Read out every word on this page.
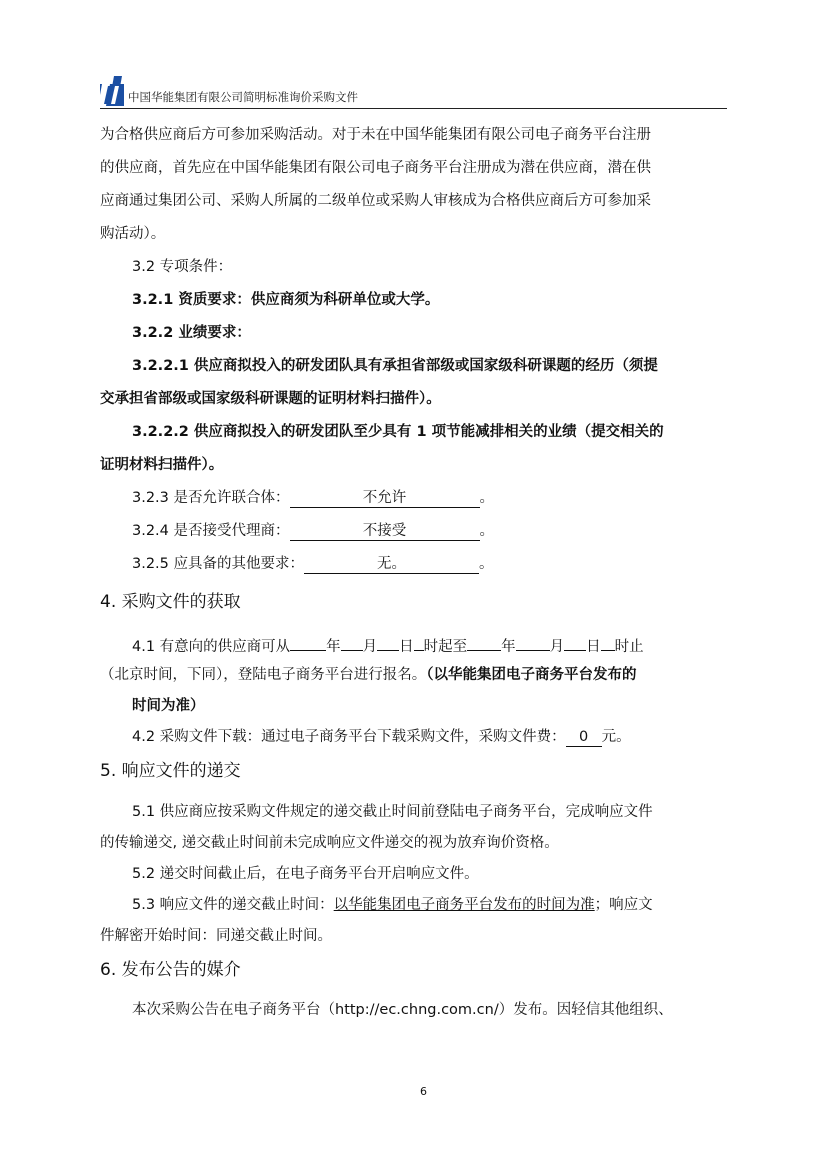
中国华能集团有限公司简明标准询价采购文件
为合格供应商后方可参加采购活动。对于未在中国华能集团有限公司电子商务平台注册
的供应商，首先应在中国华能集团有限公司电子商务平台注册成为潜在供应商，潜在供
应商通过集团公司、采购人所属的二级单位或采购人审核成为合格供应商后方可参加采
购活动）。
3.2 专项条件：
3.2.1 资质要求：供应商须为科研单位或大学。
3.2.2 业绩要求：
3.2.2.1 供应商拟投入的研发团队具有承担省部级或国家级科研课题的经历（须提
交承担省部级或国家级科研课题的证明材料扫描件）。
3.2.2.2 供应商拟投入的研发团队至少具有 1 项节能减排相关的业绩（提交相关的
证明材料扫描件）。
3.2.3 是否允许联合体：	不允许	。
3.2.4 是否接受代理商：	不接受	。
3.2.5 应具备的其他要求：	无。	。
4. 采购文件的获取
4.1 有意向的供应商可从 年 月 日 时起至 年 月 日 时止
（北京时间，下同），登陆电子商务平台进行报名。（以华能集团电子商务平台发布的
时间为准）
4.2 采购文件下载：通过电子商务平台下载采购文件，采购文件费： 0 元。
5. 响应文件的递交
5.1 供应商应按采购文件规定的递交截止时间前登陆电子商务平台，完成响应文件
的传输递交, 递交截止时间前未完成响应文件递交的视为放弃询价资格。
5.2 递交时间截止后，在电子商务平台开启响应文件。
5.3 响应文件的递交截止时间：以华能集团电子商务平台发布的时间为准；响应文
件解密开始时间：同递交截止时间。
6. 发布公告的媒介
本次采购公告在电子商务平台（http://ec.chng.com.cn/）发布。因轻信其他组织、
6
